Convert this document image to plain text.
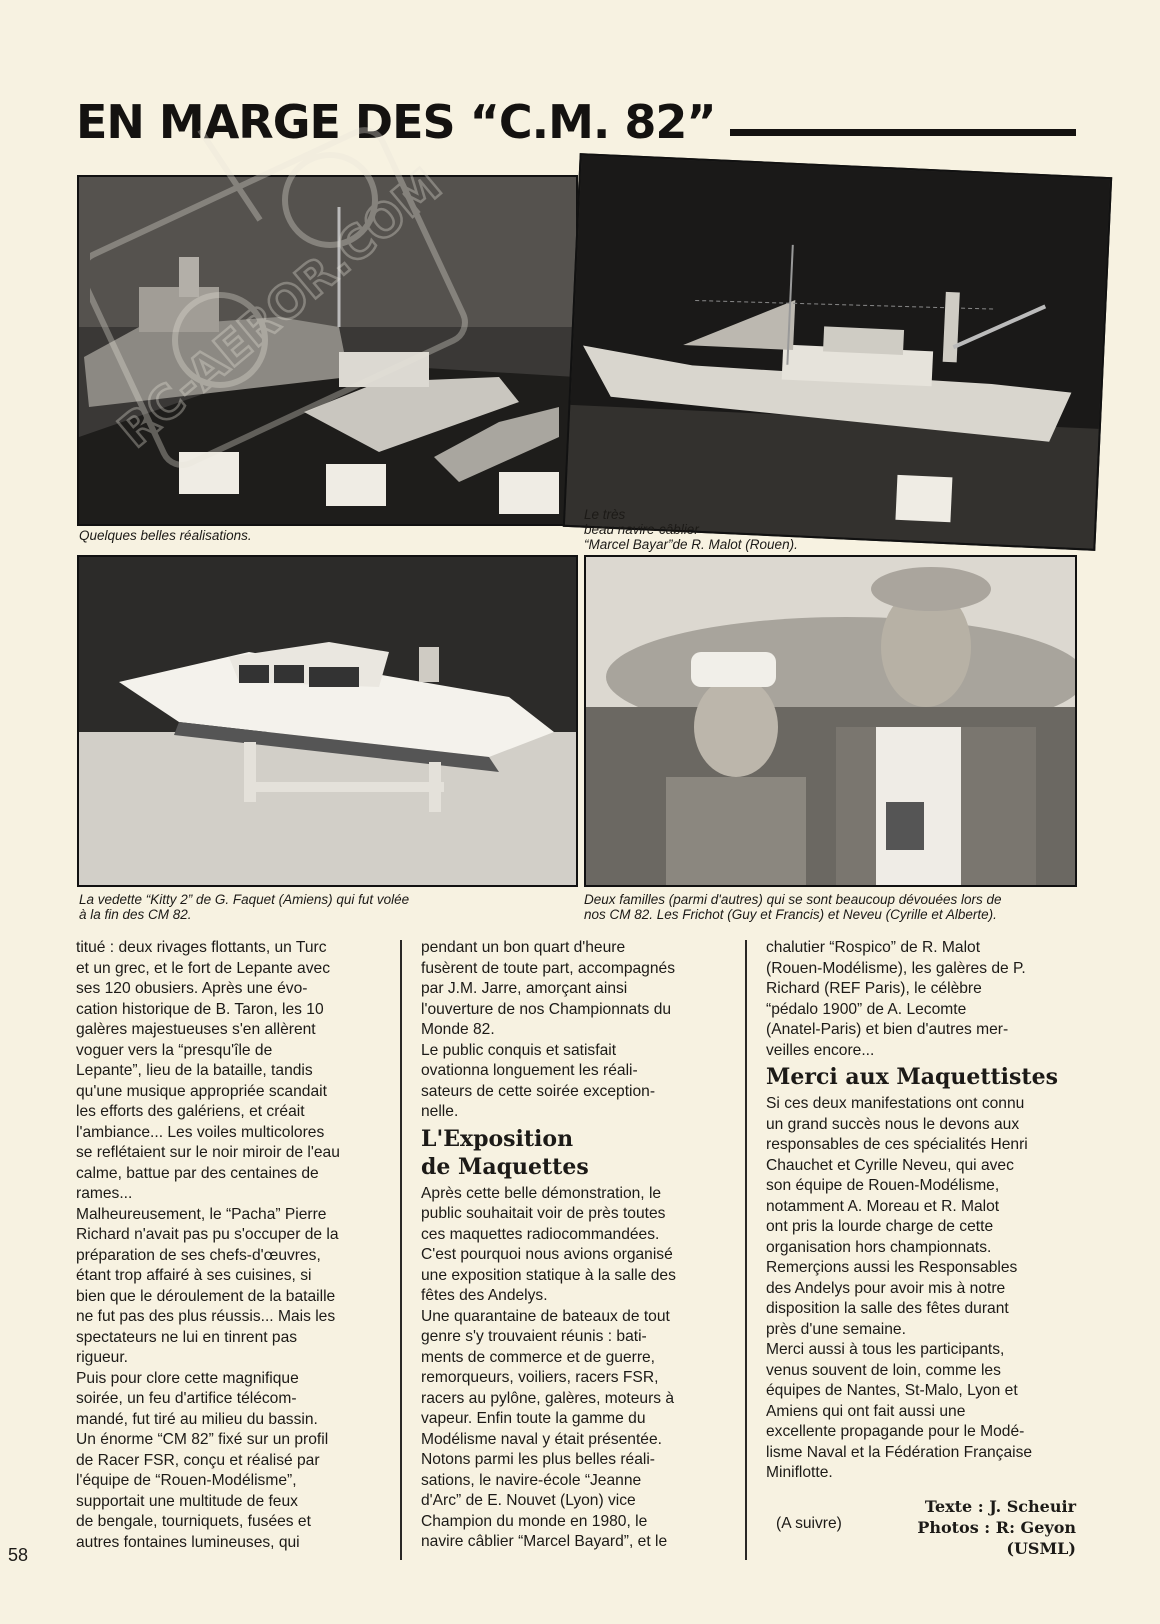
EN MARGE DES “C.M. 82”
Quelques belles réalisations.
Le très
beau navire-câblier
“Marcel Bayar”de R. Malot (Rouen).
La vedette “Kitty 2” de G. Faquet (Amiens) qui fut volée
à la fin des CM 82.
Deux familles (parmi d'autres) qui se sont beaucoup dévouées lors de
nos CM 82. Les Frichot (Guy et Francis) et Neveu (Cyrille et Alberte).
RC-AEROR.COM
titué : deux rivages flottants, un Turc
et un grec, et le fort de Lepante avec
ses 120 obusiers. Après une évo-
cation historique de B. Taron, les 10
galères majestueuses s'en allèrent
voguer vers la “presqu'île de
Lepante”, lieu de la bataille, tandis
qu'une musique appropriée scandait
les efforts des galériens, et créait
l'ambiance... Les voiles multicolores
se reflétaient sur le noir miroir de l'eau
calme, battue par des centaines de
rames...
Malheureusement, le “Pacha” Pierre
Richard n'avait pas pu s'occuper de la
préparation de ses chefs-d'œuvres,
étant trop affairé à ses cuisines, si
bien que le déroulement de la bataille
ne fut pas des plus réussis... Mais les
spectateurs ne lui en tinrent pas
rigueur.
Puis pour clore cette magnifique
soirée, un feu d'artifice télécom-
mandé, fut tiré au milieu du bassin.
Un énorme “CM 82” fixé sur un profil
de Racer FSR, conçu et réalisé par
l'équipe de “Rouen-Modélisme”,
supportait une multitude de feux
de bengale, tourniquets, fusées et
autres fontaines lumineuses, qui
pendant un bon quart d'heure
fusèrent de toute part, accompagnés
par J.M. Jarre, amorçant ainsi
l'ouverture de nos Championnats du
Monde 82.
Le public conquis et satisfait
ovationna longuement les réali-
sateurs de cette soirée exception-
nelle.
L'Exposition
de Maquettes
Après cette belle démonstration, le
public souhaitait voir de près toutes
ces maquettes radiocommandées.
C'est pourquoi nous avions organisé
une exposition statique à la salle des
fêtes des Andelys.
Une quarantaine de bateaux de tout
genre s'y trouvaient réunis : bati-
ments de commerce et de guerre,
remorqueurs, voiliers, racers FSR,
racers au pylône, galères, moteurs à
vapeur. Enfin toute la gamme du
Modélisme naval y était présentée.
Notons parmi les plus belles réali-
sations, le navire-école “Jeanne
d'Arc” de E. Nouvet (Lyon) vice
Champion du monde en 1980, le
navire câblier “Marcel Bayard”, et le
chalutier “Rospico” de R. Malot
(Rouen-Modélisme), les galères de P.
Richard (REF Paris), le célèbre
“pédalo 1900” de A. Lecomte
(Anatel-Paris) et bien d'autres mer-
veilles encore...
Merci aux Maquettistes
Si ces deux manifestations ont connu
un grand succès nous le devons aux
responsables de ces spécialités Henri
Chauchet et Cyrille Neveu, qui avec
son équipe de Rouen-Modélisme,
notamment A. Moreau et R. Malot
ont pris la lourde charge de cette
organisation hors championnats.
Remerçions aussi les Responsables
des Andelys pour avoir mis à notre
disposition la salle des fêtes durant
près d'une semaine.
Merci aussi à tous les participants,
venus souvent de loin, comme les
équipes de Nantes, St-Malo, Lyon et
Amiens qui ont fait aussi une
excellente propagande pour le Modé-
lisme Naval et la Fédération Française
Miniflotte.
(A suivre)
Texte : J. Scheuir
Photos : R: Geyon
(USML)
58
